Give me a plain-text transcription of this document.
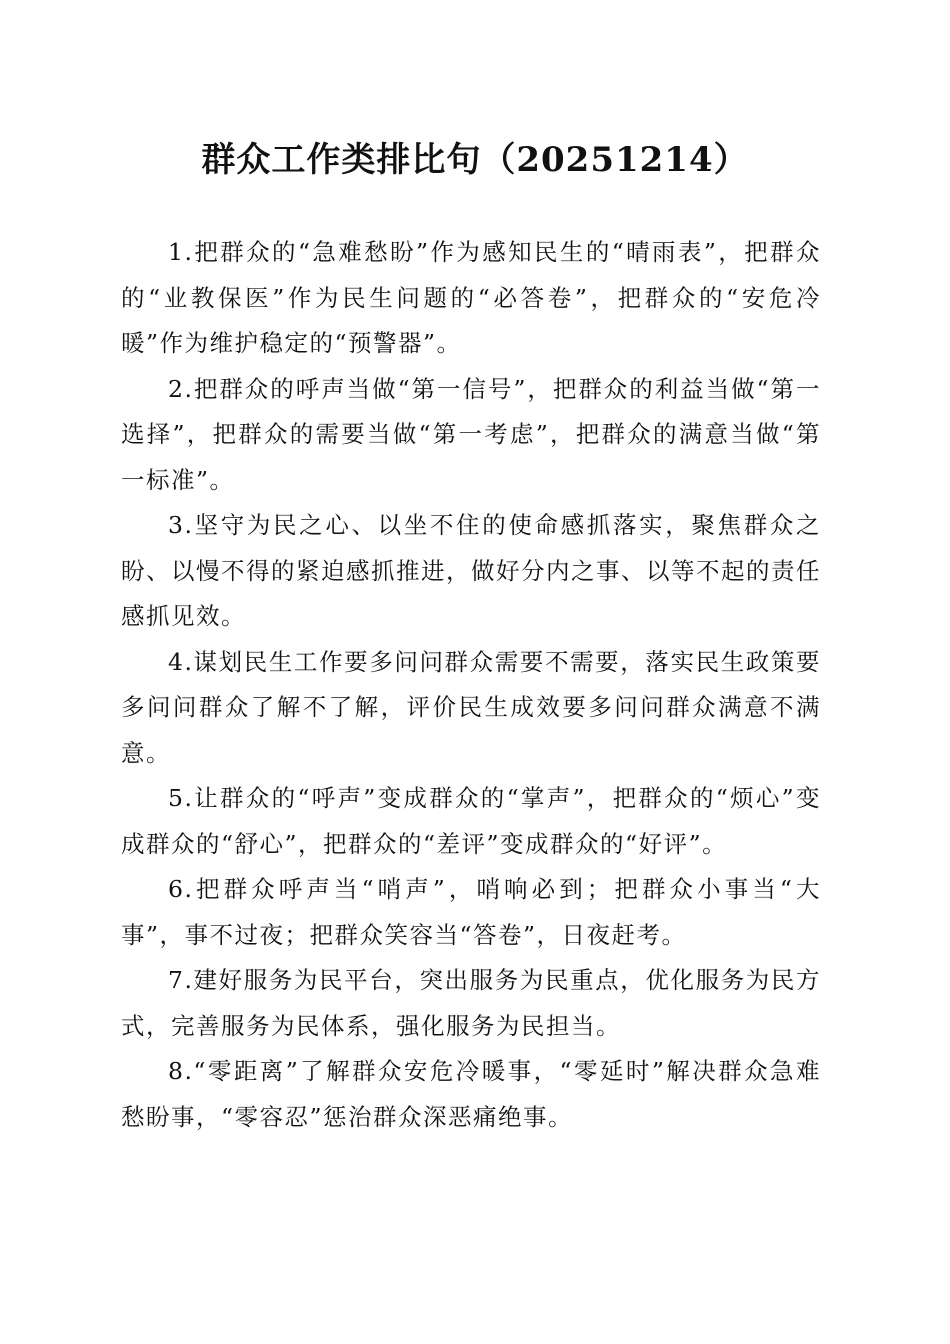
群众工作类排比句（20251214）

1.把群众的“急难愁盼”作为感知民生的“晴雨表”，把群众的“业教保医”作为民生问题的“必答卷”，把群众的“安危冷暖”作为维护稳定的“预警器”。

2.把群众的呼声当做“第一信号”，把群众的利益当做“第一选择”，把群众的需要当做“第一考虑”，把群众的满意当做“第一标准”。

3.坚守为民之心、以坐不住的使命感抓落实，聚焦群众之盼、以慢不得的紧迫感抓推进，做好分内之事、以等不起的责任感抓见效。

4.谋划民生工作要多问问群众需要不需要，落实民生政策要多问问群众了解不了解，评价民生成效要多问问群众满意不满意。

5.让群众的“呼声”变成群众的“掌声”，把群众的“烦心”变成群众的“舒心”，把群众的“差评”变成群众的“好评”。

6.把群众呼声当“哨声”，哨响必到；把群众小事当“大事”，事不过夜；把群众笑容当“答卷”，日夜赶考。

7.建好服务为民平台，突出服务为民重点，优化服务为民方式，完善服务为民体系，强化服务为民担当。

8.“零距离”了解群众安危冷暖事，“零延时”解决群众急难愁盼事，“零容忍”惩治群众深恶痛绝事。
